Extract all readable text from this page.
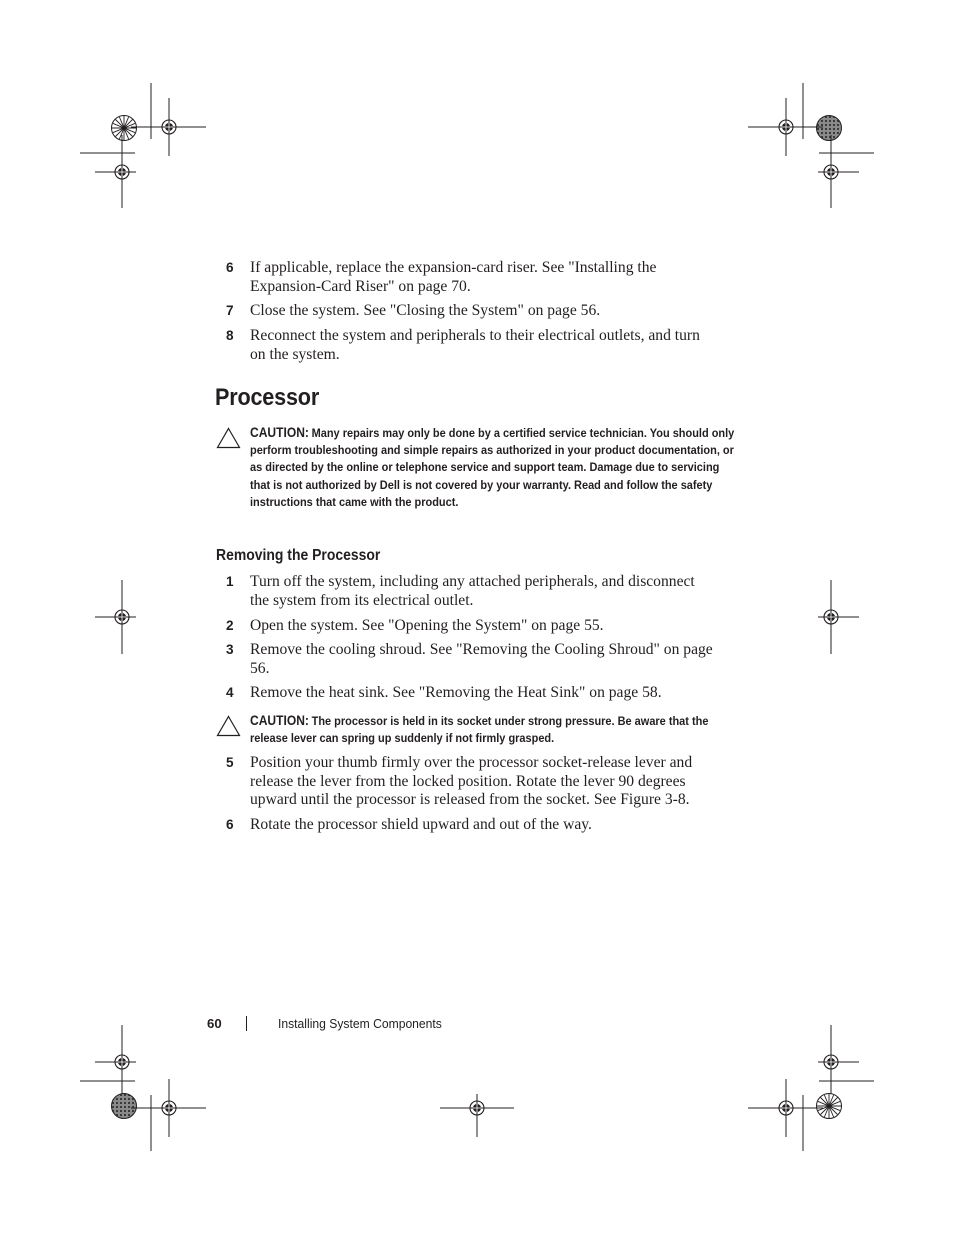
6	If applicable, replace the expansion-card riser. See "Installing the Expansion-Card Riser" on page 70.
7	Close the system. See "Closing the System" on page 56.
8	Reconnect the system and peripherals to their electrical outlets, and turn on the system.
Processor
CAUTION: Many repairs may only be done by a certified service technician. You should only perform troubleshooting and simple repairs as authorized in your product documentation, or as directed by the online or telephone service and support team. Damage due to servicing that is not authorized by Dell is not covered by your warranty. Read and follow the safety instructions that came with the product.
Removing the Processor
1	Turn off the system, including any attached peripherals, and disconnect the system from its electrical outlet.
2	Open the system. See "Opening the System" on page 55.
3	Remove the cooling shroud. See "Removing the Cooling Shroud" on page 56.
4	Remove the heat sink. See "Removing the Heat Sink" on page 58.
CAUTION: The processor is held in its socket under strong pressure. Be aware that the release lever can spring up suddenly if not firmly grasped.
5	Position your thumb firmly over the processor socket-release lever and release the lever from the locked position. Rotate the lever 90 degrees upward until the processor is released from the socket. See Figure 3-8.
6	Rotate the processor shield upward and out of the way.
60	Installing System Components
